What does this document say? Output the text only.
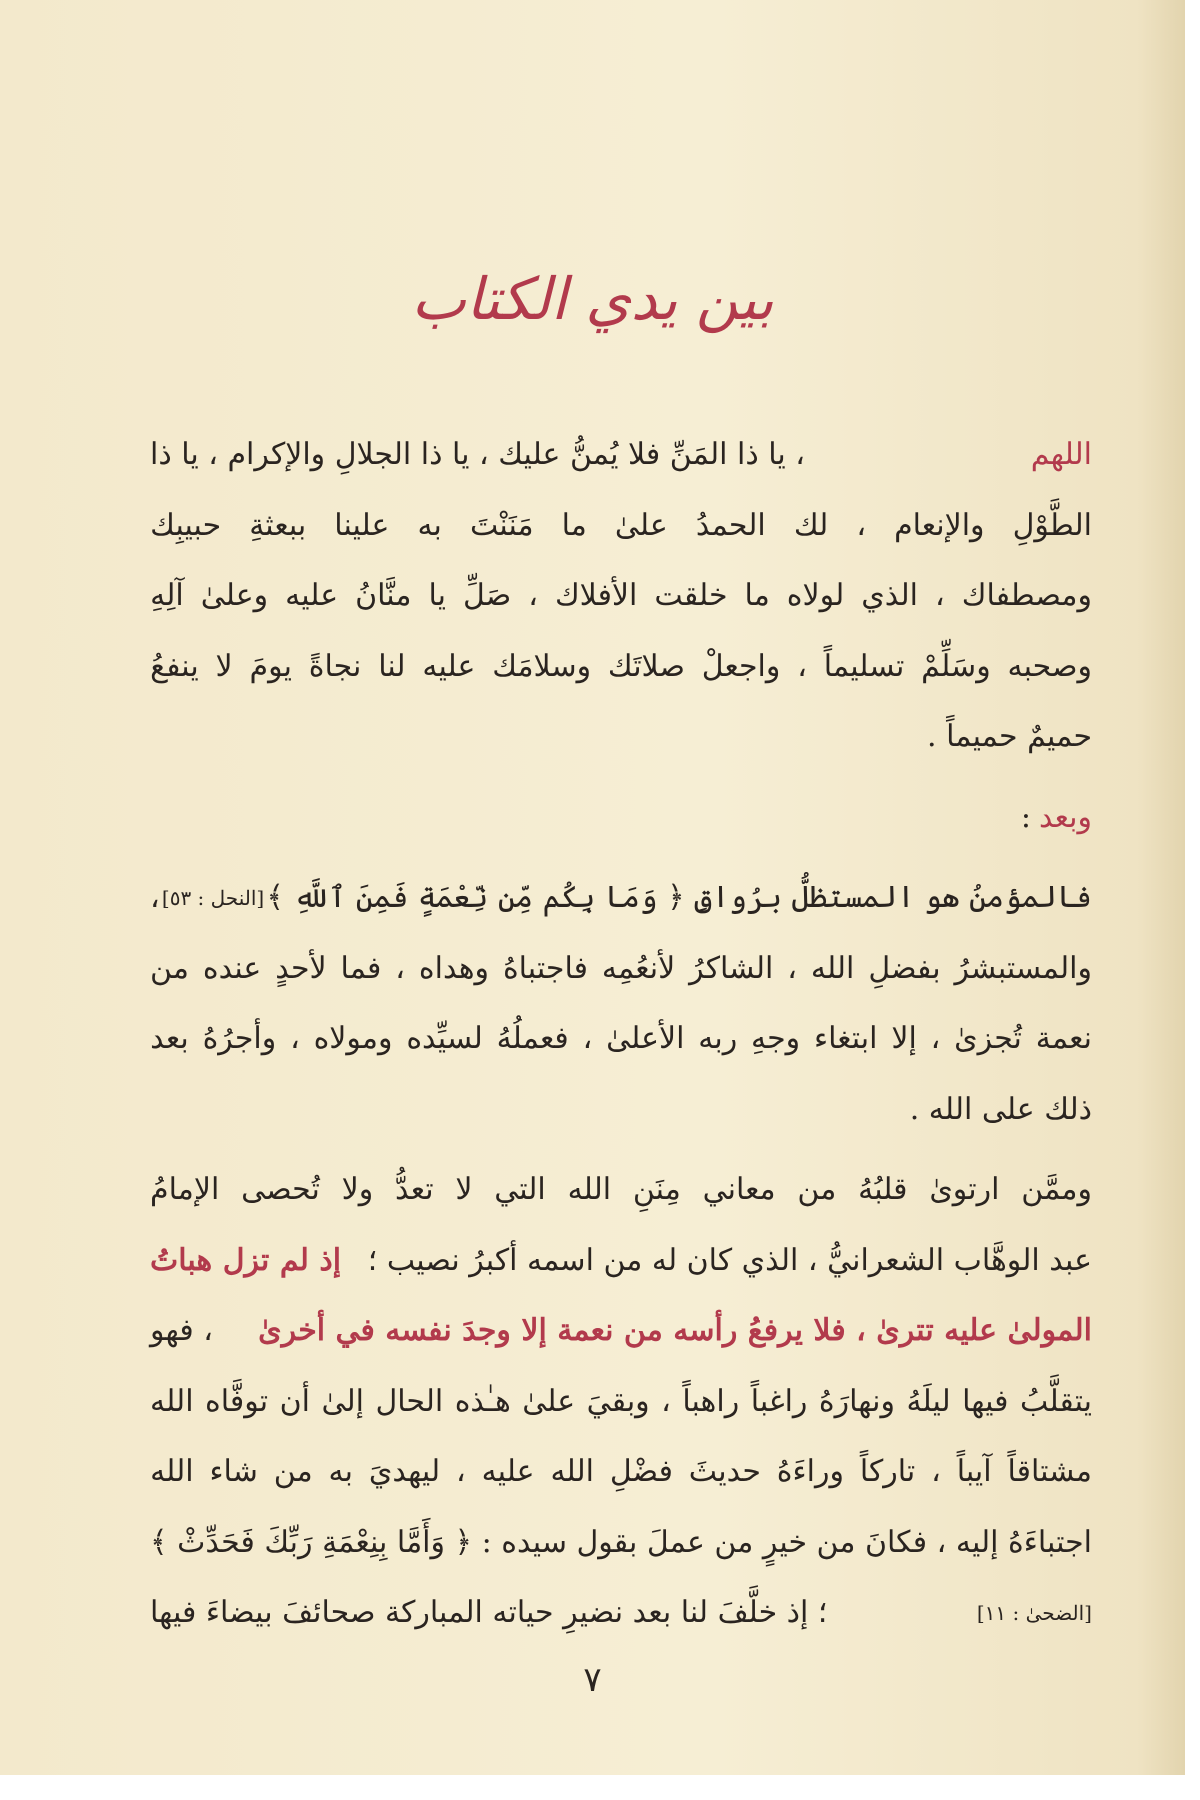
بين يدي الكتاب
اللهم
، يا ذا المَنِّ فلا يُمنُّ عليك ، يا ذا الجلالِ والإكرام ، يا ذا
الطَّوْلِ
والإنعام
،
لك
الحمدُ
علىٰ
ما
مَنَنْتَ
به
علينا
ببعثةِ
حبيبِك
ومصطفاك
،
الذي
لولاه
ما
خلقت
الأفلاك
،
صَلِّ
يا
منَّانُ
عليه
وعلىٰ
آلِهِ
وصحبه
وسَلِّمْ
تسليماً
،
واجعلْ
صلاتَك
وسلامَك
عليه
لنا
نجاةً
يومَ
لا
ينفعُ
حميمٌ حميماً .
وبعد
:
فالمؤمنُ هو المستظلُّ برُواقِ ﴿ وَمَا بِكُم مِّن نِّعْمَةٍ فَمِنَ ٱللَّهِ ﴾
[النحل : ٥٣]
،
والمستبشرُ
بفضلِ
الله
،
الشاكرُ
لأنعُمِه
فاجتباهُ
وهداه
،
فما
لأحدٍ
عنده
من
نعمة
تُجزىٰ
،
إلا
ابتغاء
وجهِ
ربه
الأعلىٰ
،
فعملُهُ
لسيِّده
ومولاه
،
وأجرُهُ
بعد
ذلك على الله .
وممَّن
ارتوىٰ
قلبُهُ
من
معاني
مِنَنِ
الله
التي
لا
تعدُّ
ولا
تُحصى
الإمامُ
عبد الوهَّاب الشعرانيُّ ، الذي كان له من اسمه أكبرُ نصيب ؛
إذ لم تزل هباتُ
المولىٰ عليه تترىٰ ، فلا يرفعُ رأسه من نعمة إلا وجدَ نفسه في أخرىٰ
، فهو
يتقلَّبُ
فيها
ليلَهُ
ونهارَهُ
راغباً
راهباً
،
وبقيَ
علىٰ
هـٰذه
الحال
إلىٰ
أن
توفَّاه
الله
مشتاقاً
آيباً
،
تاركاً
وراءَهُ
حديثَ
فضْلِ
الله
عليه
،
ليهديَ
به
من
شاء
الله
اجتباءَهُ
إليه
،
فكانَ
من
خيرٍ
من
عملَ
بقول
سيده
:
﴿
وَأَمَّا
بِنِعْمَةِ
رَبِّكَ
فَحَدِّثْ
﴾
[الضحىٰ : ١١]
؛ إذ خلَّفَ لنا بعد نضيرِ حياته المباركة صحائفَ بيضاءَ فيها
٧
